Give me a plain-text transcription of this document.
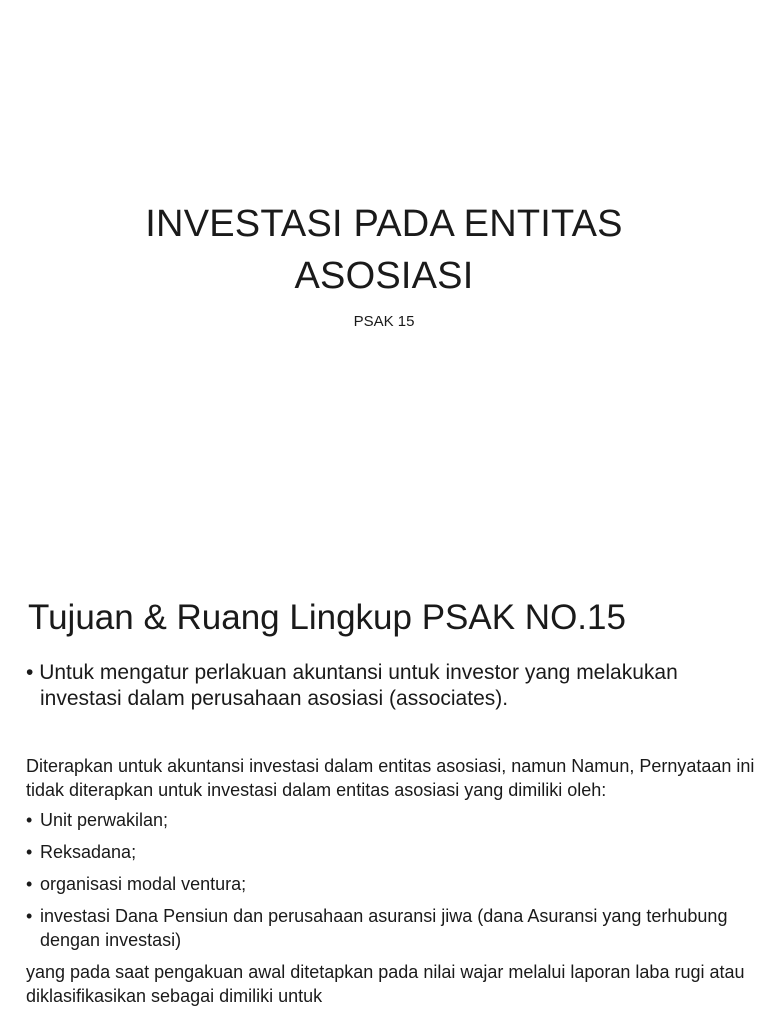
INVESTASI PADA ENTITAS
ASOSIASI

PSAK 15

Tujuan & Ruang Lingkup PSAK NO.15

• Untuk mengatur perlakuan akuntansi untuk investor yang melakukan investasi dalam perusahaan asosiasi (associates).

Diterapkan untuk akuntansi investasi dalam entitas asosiasi, namun Namun, Pernyataan ini tidak diterapkan untuk investasi dalam entitas asosiasi yang dimiliki oleh:

• Unit perwakilan;
• Reksadana;
• organisasi modal ventura;
• investasi Dana Pensiun dan perusahaan asuransi jiwa (dana Asuransi yang terhubung dengan investasi)

yang pada saat pengakuan awal ditetapkan pada nilai wajar melalui laporan laba rugi atau diklasifikasikan sebagai dimiliki untuk
